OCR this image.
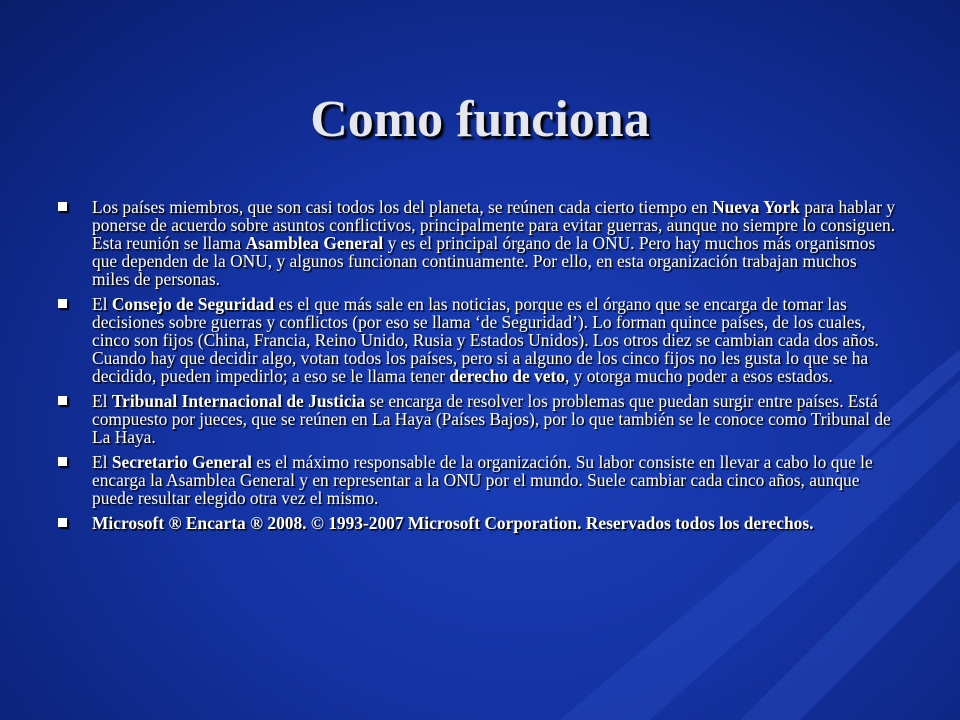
Como funciona
Los países miembros, que son casi todos los del planeta, se reúnen cada cierto tiempo en Nueva York para hablar y ponerse de acuerdo sobre asuntos conflictivos, principalmente para evitar guerras, aunque no siempre lo consiguen. Esta reunión se llama Asamblea General y es el principal órgano de la ONU. Pero hay muchos más organismos que dependen de la ONU, y algunos funcionan continuamente. Por ello, en esta organización trabajan muchos miles de personas.
El Consejo de Seguridad es el que más sale en las noticias, porque es el órgano que se encarga de tomar las decisiones sobre guerras y conflictos (por eso se llama ‘de Seguridad’). Lo forman quince países, de los cuales, cinco son fijos (China, Francia, Reino Unido, Rusia y Estados Unidos). Los otros diez se cambian cada dos años. Cuando hay que decidir algo, votan todos los países, pero si a alguno de los cinco fijos no les gusta lo que se ha decidido, pueden impedirlo; a eso se le llama tener derecho de veto, y otorga mucho poder a esos estados.
El Tribunal Internacional de Justicia se encarga de resolver los problemas que puedan surgir entre países. Está compuesto por jueces, que se reúnen en La Haya (Países Bajos), por lo que también se le conoce como Tribunal de La Haya.
El Secretario General es el máximo responsable de la organización. Su labor consiste en llevar a cabo lo que le encarga la Asamblea General y en representar a la ONU por el mundo. Suele cambiar cada cinco años, aunque puede resultar elegido otra vez el mismo.
Microsoft ® Encarta ® 2008. © 1993-2007 Microsoft Corporation. Reservados todos los derechos.
